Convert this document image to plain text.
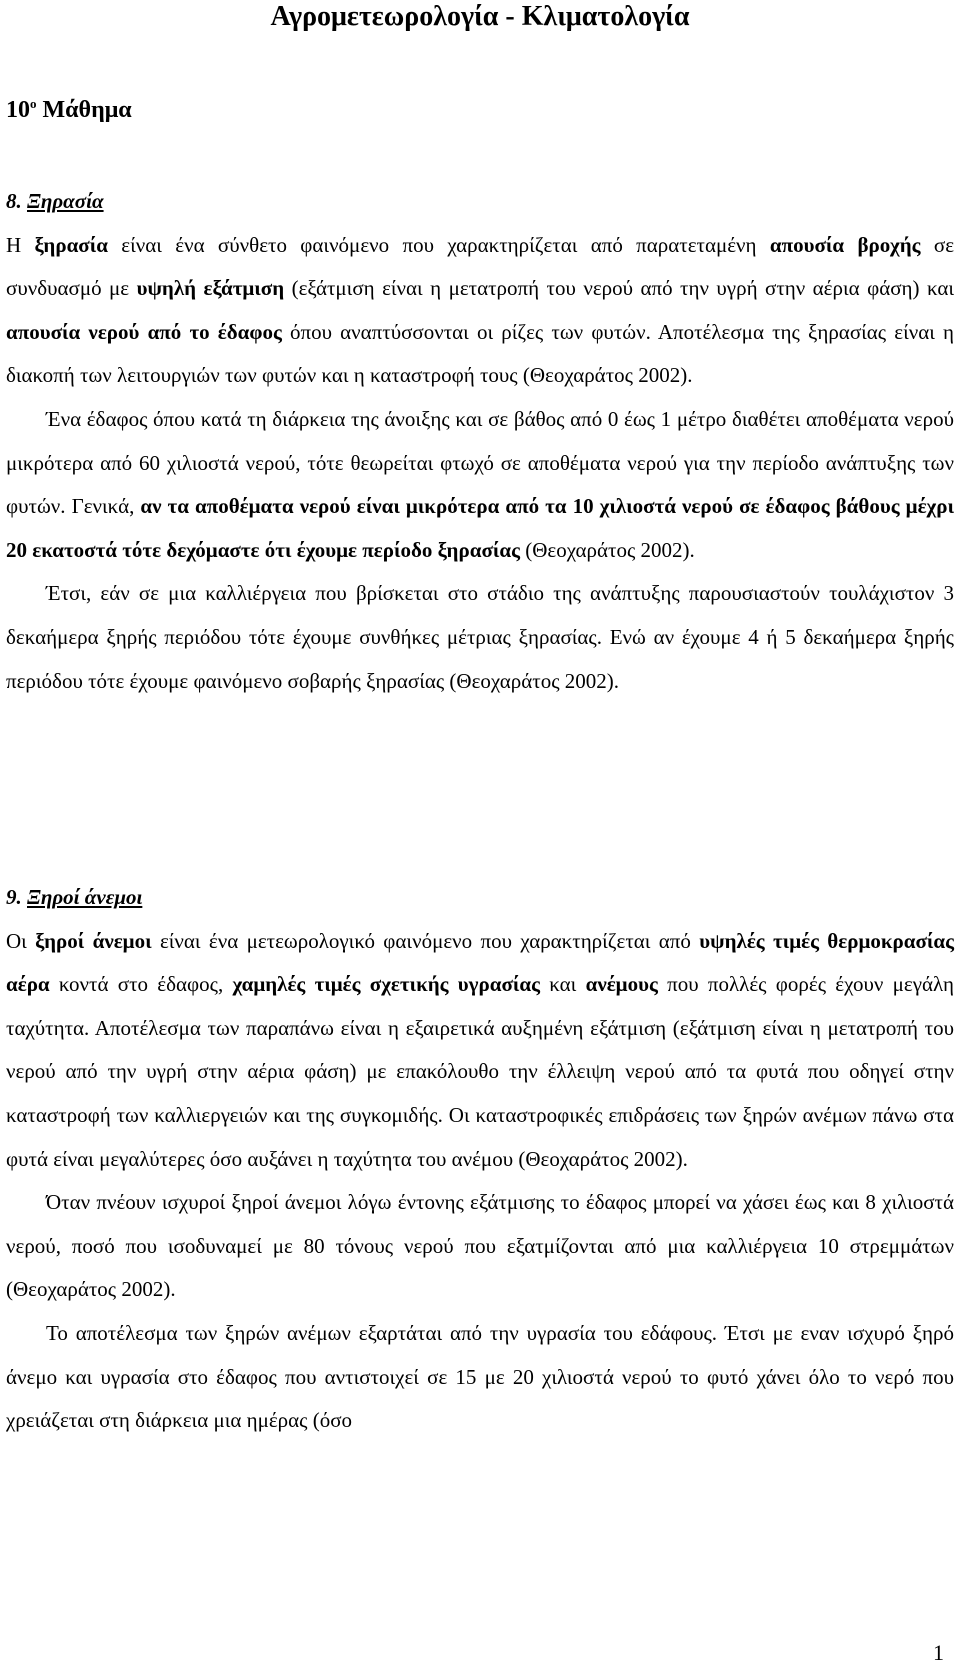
Αγρομετεωρολογία - Κλιματολογία
$10^o$ Μάθημα
8. Ξηρασία

Η ξηρασία είναι ένα σύνθετο φαινόμενο που χαρακτηρίζεται από παρατεταμένη απουσία βροχής σε συνδυασμό με υψηλή εξάτμιση (εξάτμιση είναι η μετατροπή του νερού από την υγρή στην αέρια φάση) και απουσία νερού από το έδαφος όπου αναπτύσσονται οι ρίζες των φυτών. Αποτέλεσμα της ξηρασίας είναι η διακοπή των λειτουργιών των φυτών και η καταστροφή τους (Θεοχαράτος 2002).

Ένα έδαφος όπου κατά τη διάρκεια της άνοιξης και σε βάθος από 0 έως 1 μέτρο διαθέτει αποθέματα νερού μικρότερα από 60 χιλιοστά νερού, τότε θεωρείται φτωχό σε αποθέματα νερού για την περίοδο ανάπτυξης των φυτών. Γενικά, αν τα αποθέματα νερού είναι μικρότερα από τα 10 χιλιοστά νερού σε έδαφος βάθους μέχρι 20 εκατοστά τότε δεχόμαστε ότι έχουμε περίοδο ξηρασίας (Θεοχαράτος 2002).

Έτσι, εάν σε μια καλλιέργεια που βρίσκεται στο στάδιο της ανάπτυξης παρουσιαστούν τουλάχιστον 3 δεκαήμερα ξηρής περιόδου τότε έχουμε συνθήκες μέτριας ξηρασίας. Ενώ αν έχουμε 4 ή 5 δεκαήμερα ξηρής περιόδου τότε έχουμε φαινόμενο σοβαρής ξηρασίας (Θεοχαράτος 2002).

9. Ξηροί άνεμοι

Οι ξηροί άνεμοι είναι ένα μετεωρολογικό φαινόμενο που χαρακτηρίζεται από υψηλές τιμές θερμοκρασίας αέρα κοντά στο έδαφος, χαμηλές τιμές σχετικής υγρασίας και ανέμους που πολλές φορές έχουν μεγάλη ταχύτητα. Αποτέλεσμα των παραπάνω είναι η εξαιρετικά αυξημένη εξάτμιση (εξάτμιση είναι η μετατροπή του νερού από την υγρή στην αέρια φάση) με επακόλουθο την έλλειψη νερού από τα φυτά που οδηγεί στην καταστροφή των καλλιεργειών και της συγκομιδής. Οι καταστροφικές επιδράσεις των ξηρών ανέμων πάνω στα φυτά είναι μεγαλύτερες όσο αυξάνει η ταχύτητα του ανέμου (Θεοχαράτος 2002).

Όταν πνέουν ισχυροί ξηροί άνεμοι λόγω έντονης εξάτμισης το έδαφος μπορεί να χάσει έως και 8 χιλιοστά νερού, ποσό που ισοδυναμεί με 80 τόνους νερού που εξατμίζονται από μια καλλιέργεια 10 στρεμμάτων (Θεοχαράτος 2002).

Το αποτέλεσμα των ξηρών ανέμων εξαρτάται από την υγρασία του εδάφους. Έτσι με εναν ισχυρό ξηρό άνεμο και υγρασία στο έδαφος που αντιστοιχεί σε 15 με 20 χιλιοστά νερού το φυτό χάνει όλο το νερό που χρειάζεται στη διάρκεια μια ημέρας (όσο

1
